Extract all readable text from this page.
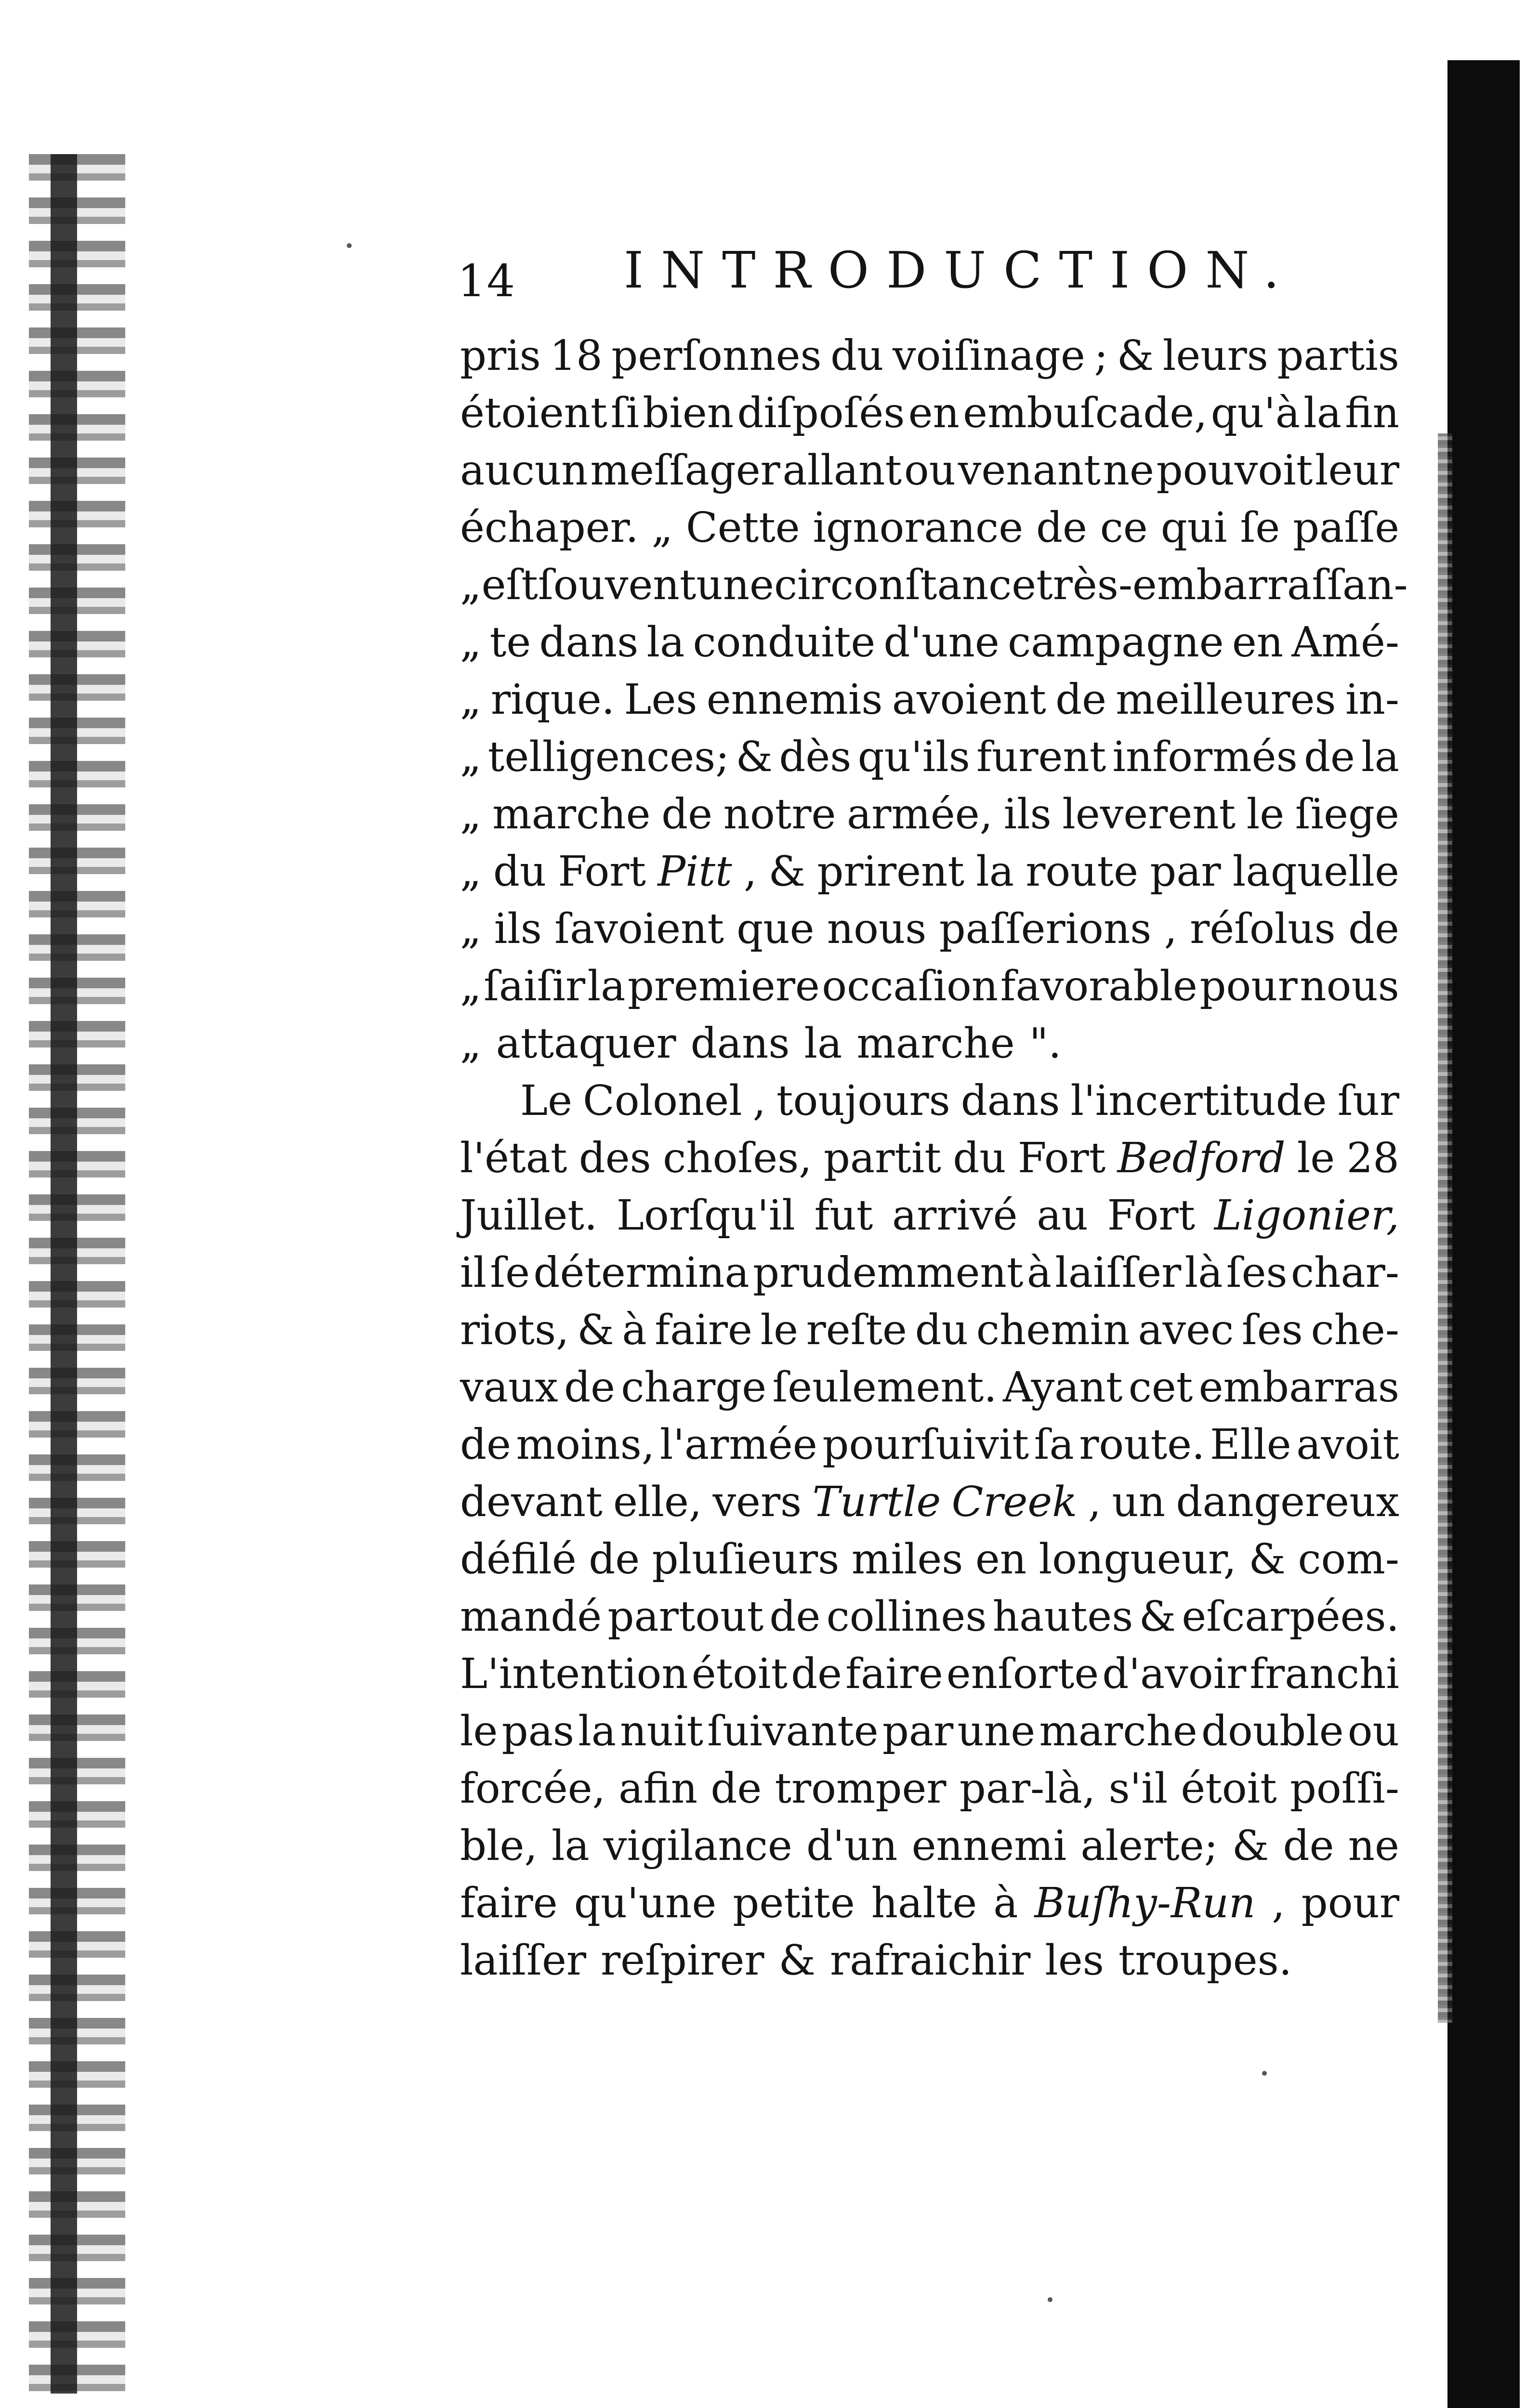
14 INTRODUCTION.
pris 18 perſonnes du voiſinage ; & leurs partis
étoient ſi bien diſpoſés en embuſcade, qu'à la fin
aucun meſſager allant ou venant ne pouvoit leur
échaper. „ Cette ignorance de ce qui ſe paſſe
„ eſt ſouvent une circonſtance très-embarraſſan-
„ te dans la conduite d'une campagne en Amé-
„ rique. Les ennemis avoient de meilleures in-
„ telligences; & dès qu'ils furent informés de la
„ marche de notre armée, ils leverent le ſiege
„ du Fort Pitt , & prirent la route par laquelle
„ ils ſavoient que nous paſſerions , réſolus de
„ ſaiſir la premiere occaſion favorable pour nous
„ attaquer dans la marche ".
Le Colonel , toujours dans l'incertitude ſur
l'état des choſes, partit du Fort Bedford le 28
Juillet. Lorſqu'il fut arrivé au Fort Ligonier,
il ſe détermina prudemment à laiſſer là ſes char-
riots, & à faire le reſte du chemin avec ſes che-
vaux de charge ſeulement. Ayant cet embarras
de moins, l'armée pourſuivit ſa route. Elle avoit
devant elle, vers Turtle Creek , un dangereux
défilé de pluſieurs miles en longueur, & com-
mandé partout de collines hautes & eſcarpées.
L'intention étoit de faire enſorte d'avoir franchi
le pas la nuit ſuivante par une marche double ou
forcée, afin de tromper par-là, s'il étoit poſſi-
ble, la vigilance d'un ennemi alerte; & de ne
faire qu'une petite halte à Buſhy-Run , pour
laiſſer reſpirer & rafraichir les troupes.
